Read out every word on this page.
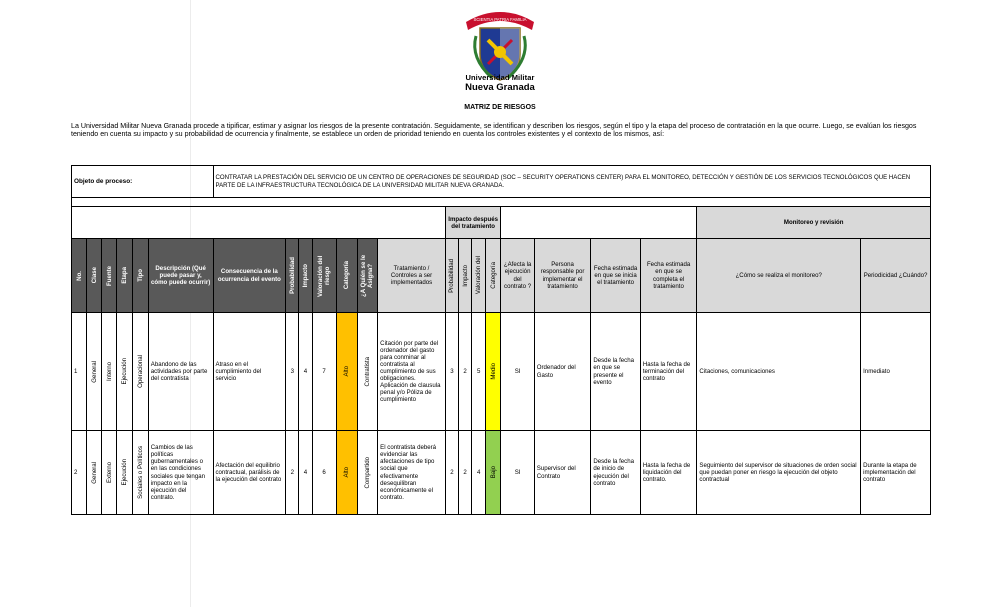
SCIENTIA PATRIA FAMILIA
Universidad Militar
Nueva Granada
MATRIZ DE RIESGOS
La Universidad Militar Nueva Granada procede a tipificar, estimar y asignar los riesgos de la presente contratación. Seguidamente, se identifican y describen los riesgos, según el tipo y la etapa del proceso de contratación en la que ocurre. Luego, se evalúan los riesgos teniendo en cuenta su impacto y su probabilidad de ocurrencia y finalmente, se establece un orden de prioridad teniendo en cuenta los controles existentes y el contexto de los mismos, así:
Objeto de proceso:						CONTRATAR LA PRESTACIÓN DEL SERVICIO DE UN CENTRO DE OPERACIONES DE SEGURIDAD (SOC – SECURITY OPERATIONS CENTER) PARA EL MONITOREO, DETECCIÓN Y GESTIÓN DE LOS SERVICIOS TECNOLÓGICOS QUE HACEN PARTE DE LA INFRAESTRUCTURA TECNOLÓGICA DE LA UNIVERSIDAD MILITAR NUEVA GRANADA.																

													Impacto después del tratamiento								Monitoreo y revisión	

No.	Clase	Fuente	Etapa	Tipo	Descripción (Qué puede pasar y, cómo puede ocurrir)	Consecuencia de la ocurrencia del evento	Probabilidad	Impacto	Valoración del riesgo	Categoría	¿A Quién se le Asigna?	Tratamiento / Controles a ser implementados	Probabilidad	Impacto	Valoración del	Categoría	¿Afecta la ejecución del contrato ?	Persona responsable por implementar el tratamiento	Fecha estimada en que se inicia el tratamiento	Fecha estimada en que se completa el tratamiento	¿Cómo se realiza el monitoreo?	Periodicidad ¿Cuándo?
1	General	Interno	Ejecución	Operacional	Abandono de las actividades por parte del contratista	Atraso en el cumplimiento del servicio	3	4	7	Alto	Contratista	Citación por parte del ordenador del gasto para conminar al contratista al cumplimiento de sus obligaciones. Aplicación de clausula penal y/o Póliza de cumplimiento	3	2	5	Medio	SI	Ordenador del Gasto	Desde la fecha en que se presente el evento	Hasta la fecha de terminación del contrato	Citaciones, comunicaciones	Inmediato
2	General	Externo	Ejecución	Sociales o Políticos	Cambios de las políticas gubernamentales o en las condiciones sociales que tengan impacto en la ejecución del contrato.	Afectación del equilibrio contractual, parálisis de la ejecución del contrato	2	4	6	Alto	Compartido	El contratista deberá evidenciar las afectaciones de tipo social que efectivamente desequilibran económicamente el contrato.	2	2	4	Bajo	SI	Supervisor del Contrato	Desde la fecha de inicio de ejecución del contrato	Hasta la fecha de liquidación del contrato.	Seguimiento del supervisor de situaciones de orden social que puedan poner en riesgo la ejecución del objeto contractual	Durante la etapa de implementación del contrato
